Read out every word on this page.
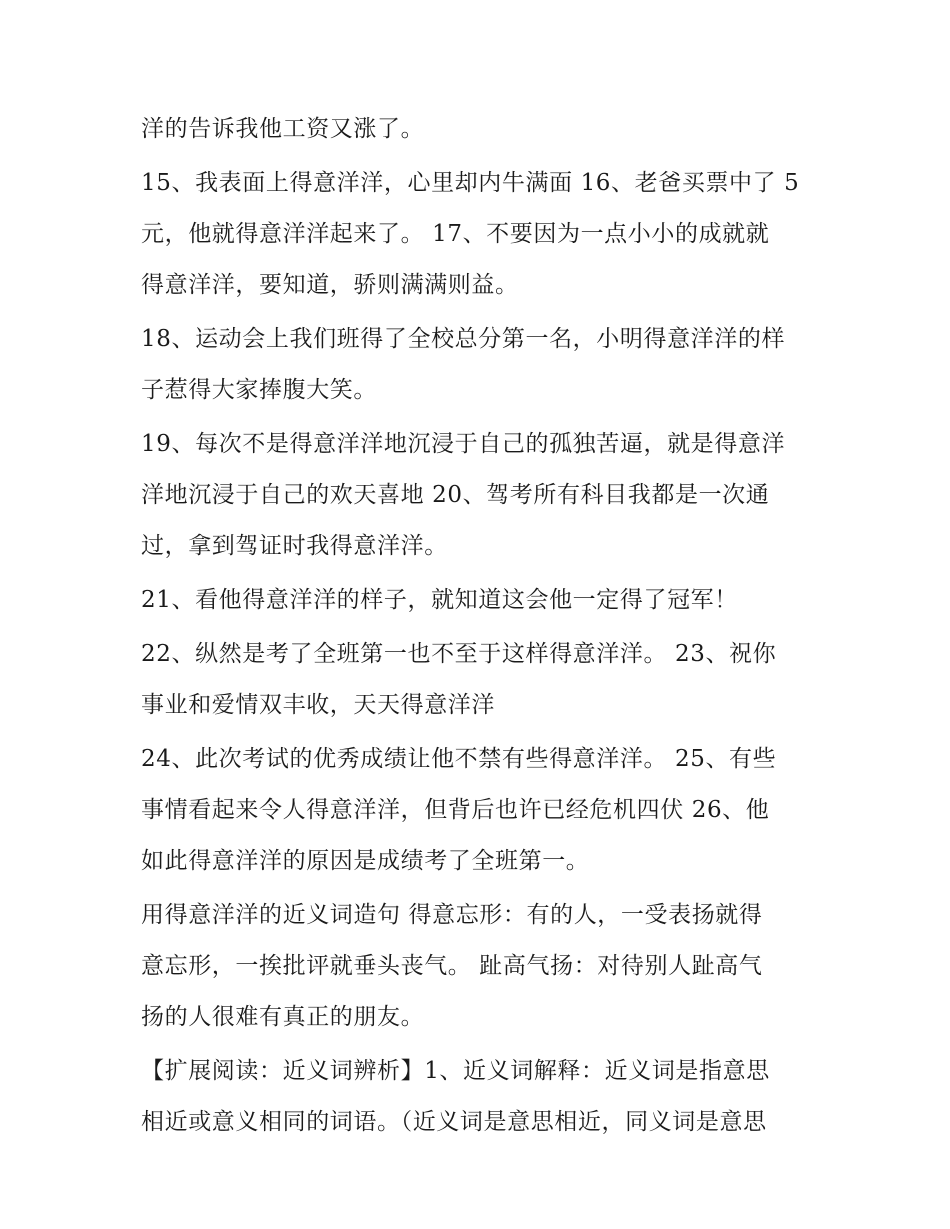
洋的告诉我他工资又涨了。
15、我表面上得意洋洋，心里却内牛满面 16、老爸买票中了 5
元，他就得意洋洋起来了。 17、不要因为一点小小的成就就
得意洋洋，要知道，骄则满满则益。
18、运动会上我们班得了全校总分第一名，小明得意洋洋的样
子惹得大家捧腹大笑。
19、每次不是得意洋洋地沉浸于自己的孤独苦逼，就是得意洋
洋地沉浸于自己的欢天喜地 20、驾考所有科目我都是一次通
过，拿到驾证时我得意洋洋。
21、看他得意洋洋的样子，就知道这会他一定得了冠军！
22、纵然是考了全班第一也不至于这样得意洋洋。 23、祝你
事业和爱情双丰收，天天得意洋洋
24、此次考试的优秀成绩让他不禁有些得意洋洋。 25、有些
事情看起来令人得意洋洋，但背后也许已经危机四伏 26、他
如此得意洋洋的原因是成绩考了全班第一。
用得意洋洋的近义词造句 得意忘形：有的人，一受表扬就得
意忘形，一挨批评就垂头丧气。 趾高气扬：对待别人趾高气
扬的人很难有真正的朋友。
【扩展阅读：近义词辨析】1、近义词解释：近义词是指意思
相近或意义相同的词语。（近义词是意思相近，同义词是意思
